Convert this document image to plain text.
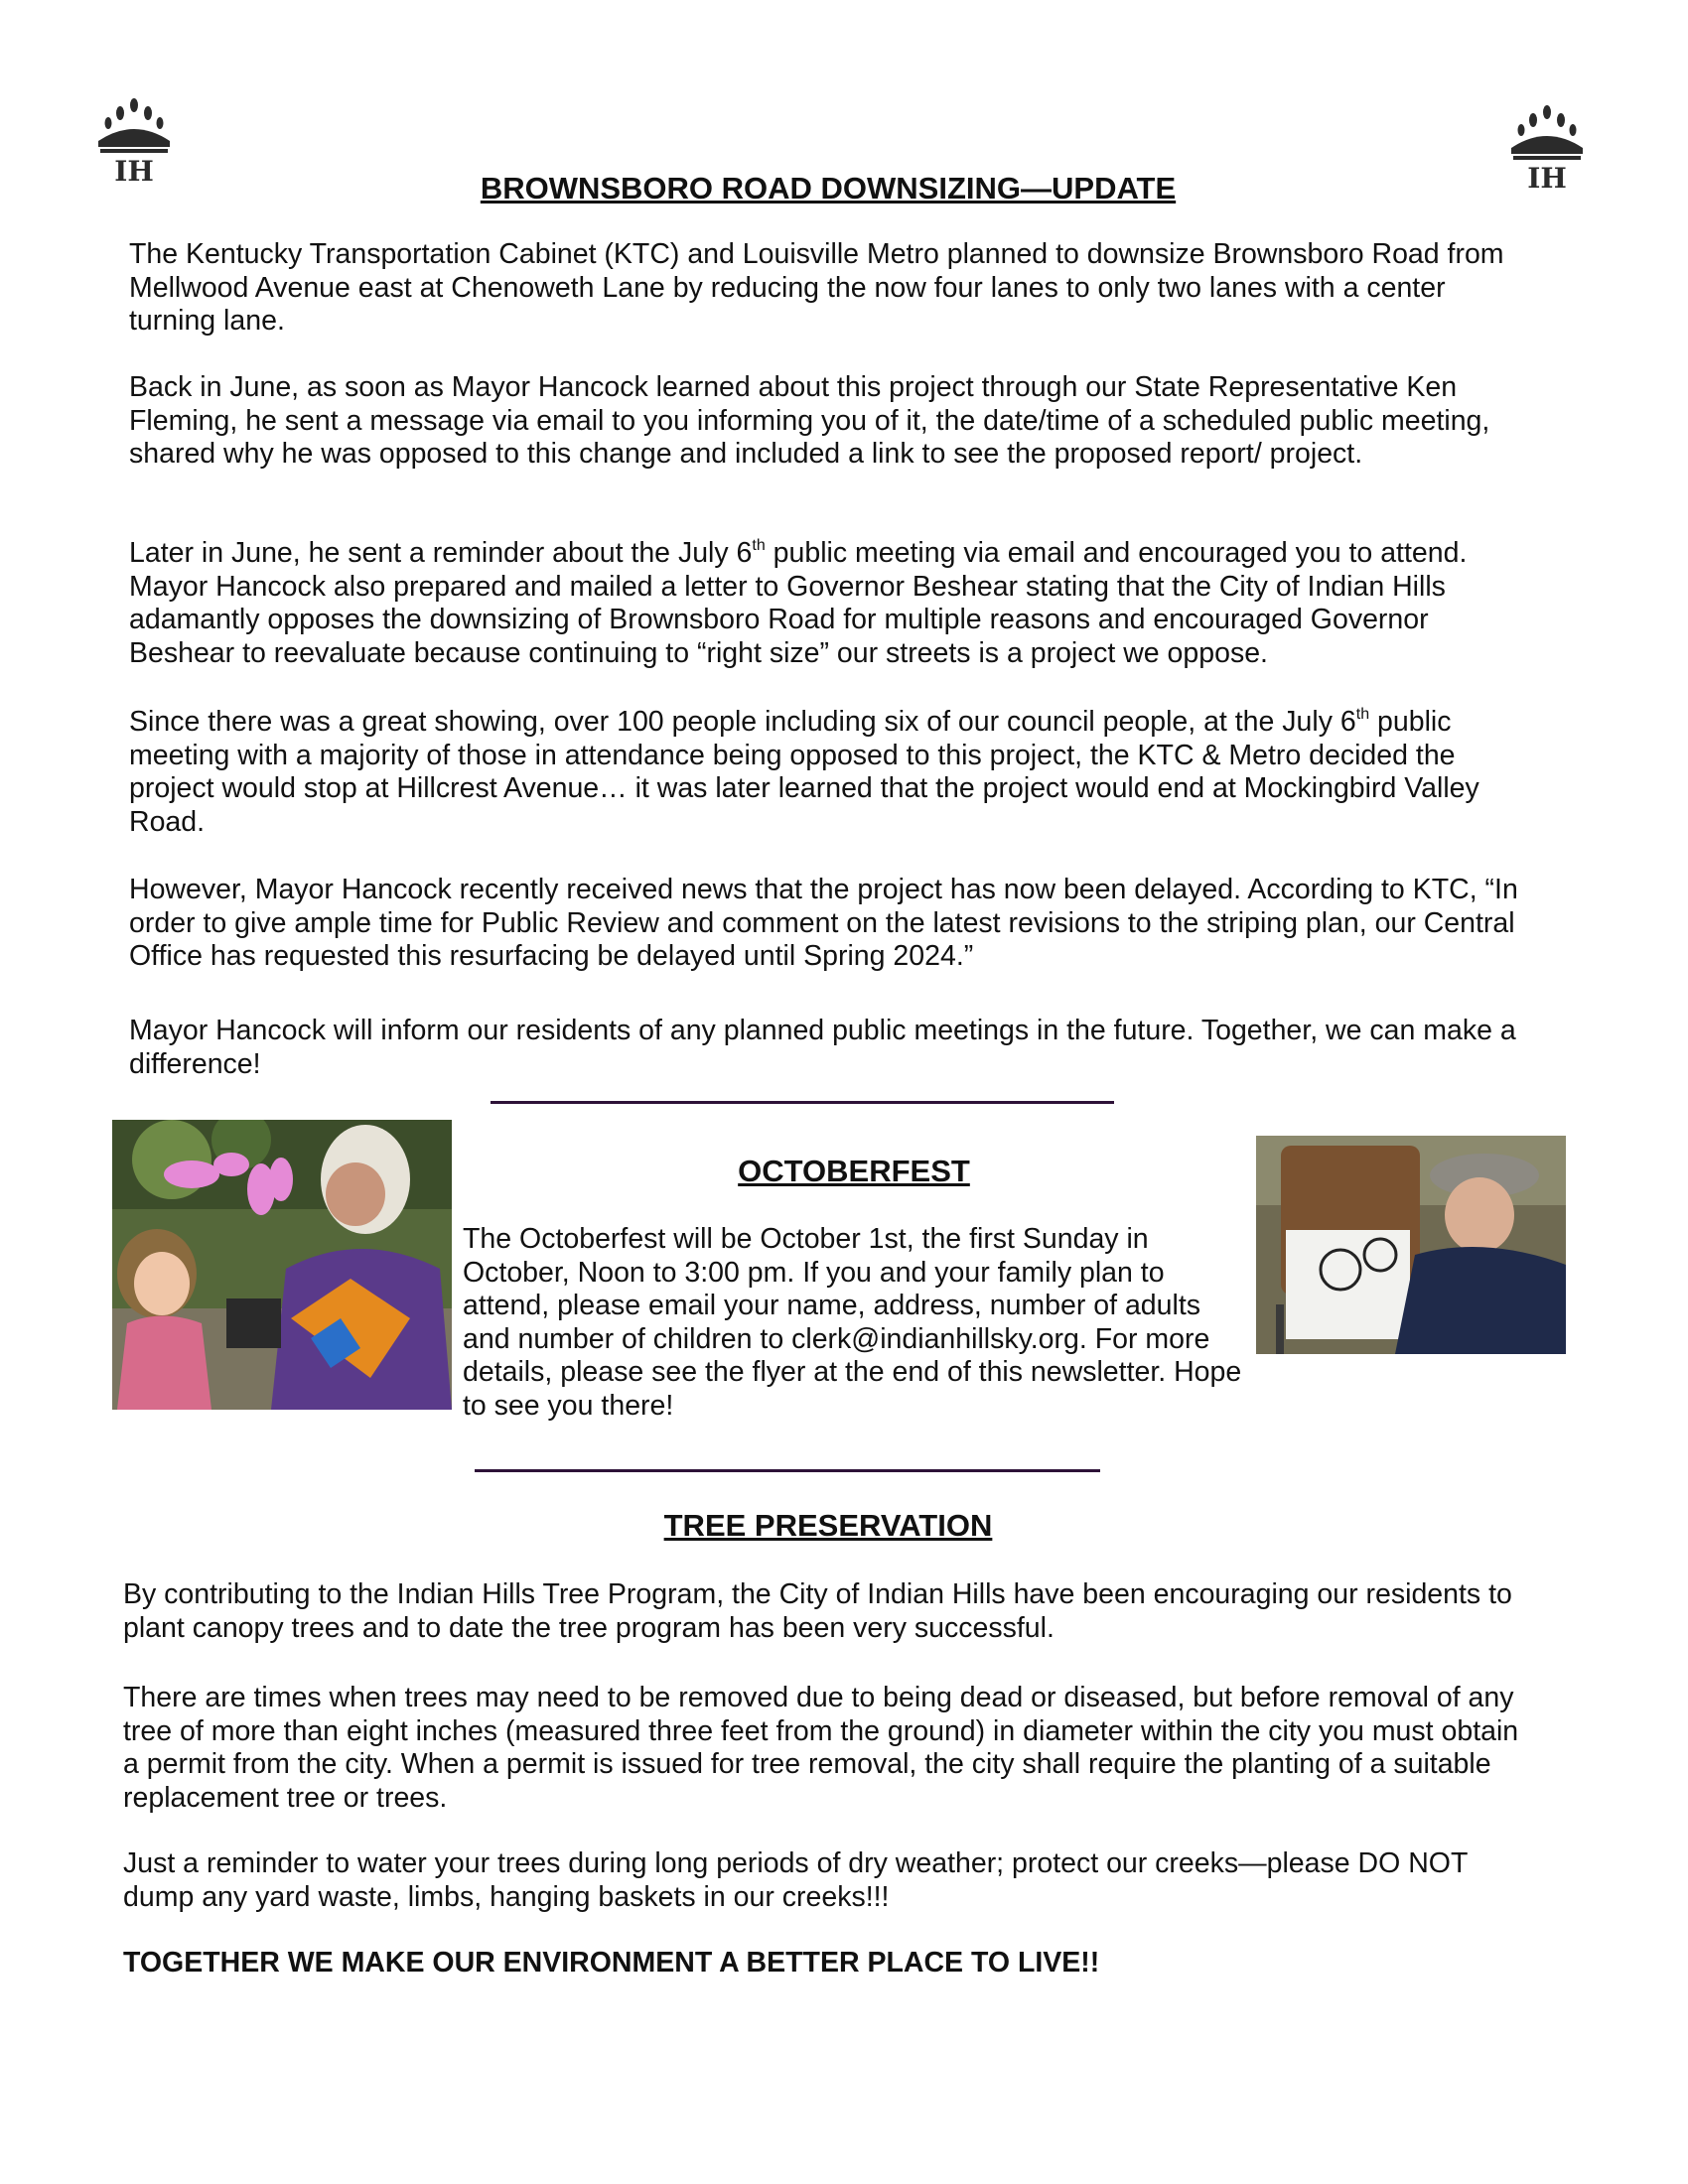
IH	IH
BROWNSBORO ROAD DOWNSIZING—UPDATE

The Kentucky Transportation Cabinet (KTC) and Louisville Metro planned to downsize Brownsboro Road from Mellwood Avenue east at Chenoweth Lane by reducing the now four lanes to only two lanes with a center turning lane.

Back in June, as soon as Mayor Hancock learned about this project through our State Representative Ken Fleming, he sent a message via email to you informing you of it, the date/time of a scheduled public meeting, shared why he was opposed to this change and included a link to see the proposed report/ project.

Later in June, he sent a reminder about the July 6th public meeting via email and encouraged you to attend. Mayor Hancock also prepared and mailed a letter to Governor Beshear stating that the City of Indian Hills adamantly opposes the downsizing of Brownsboro Road for multiple reasons and encouraged Governor Beshear to reevaluate because continuing to “right size” our streets is a project we oppose.

Since there was a great showing, over 100 people including six of our council people, at the July 6th public meeting with a majority of those in attendance being opposed to this project, the KTC & Metro decided the project would stop at Hillcrest Avenue… it was later learned that the project would end at Mockingbird Valley Road.

However, Mayor Hancock recently received news that the project has now been delayed. According to KTC, “In order to give ample time for Public Review and comment on the latest revisions to the striping plan, our Central Office has requested this resurfacing be delayed until Spring 2024.”

Mayor Hancock will inform our residents of any planned public meetings in the future. Together, we can make a difference!

OCTOBERFEST

The Octoberfest will be October 1st, the first Sunday in October, Noon to 3:00 pm. If you and your family plan to attend, please email your name, address, number of adults and number of children to clerk@indianhillsky.org. For more details, please see the flyer at the end of this newsletter. Hope to see you there!

TREE PRESERVATION

By contributing to the Indian Hills Tree Program, the City of Indian Hills have been encouraging our residents to plant canopy trees and to date the tree program has been very successful.

There are times when trees may need to be removed due to being dead or diseased, but before removal of any tree of more than eight inches (measured three feet from the ground) in diameter within the city you must obtain a permit from the city. When a permit is issued for tree removal, the city shall require the planting of a suitable replacement tree or trees.

Just a reminder to water your trees during long periods of dry weather; protect our creeks—please DO NOT dump any yard waste, limbs, hanging baskets in our creeks!!!

TOGETHER WE MAKE OUR ENVIRONMENT A BETTER PLACE TO LIVE!!
